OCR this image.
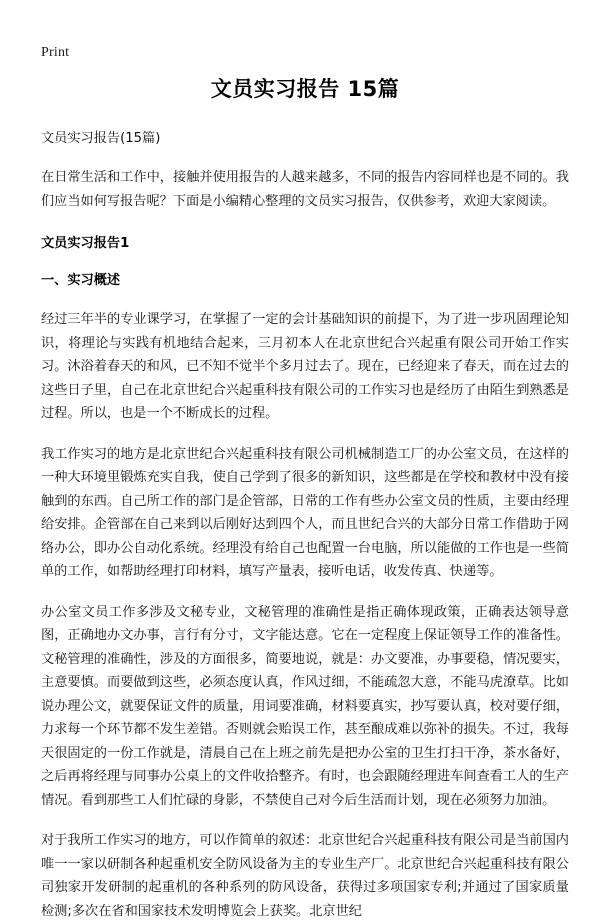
Print
文员实习报告 15篇
文员实习报告(15篇)

在日常生活和工作中，接触并使用报告的人越来越多，不同的报告内容同样也是不同的。我们应当如何写报告呢？下面是小编精心整理的文员实习报告，仅供参考，欢迎大家阅读。

文员实习报告1
一、实习概述

经过三年半的专业课学习，在掌握了一定的会计基础知识的前提下，为了进一步巩固理论知识，将理论与实践有机地结合起来，三月初本人在北京世纪合兴起重有限公司开始工作实习。沐浴着春天的和风，已不知不觉半个多月过去了。现在，已经迎来了春天，而在过去的这些日子里，自己在北京世纪合兴起重科技有限公司的工作实习也是经历了由陌生到熟悉是过程。所以，也是一个不断成长的过程。

我工作实习的地方是北京世纪合兴起重科技有限公司机械制造工厂的办公室文员，在这样的一种大环境里锻炼充实自我，使自己学到了很多的新知识，这些都是在学校和教材中没有接触到的东西。自己所工作的部门是企管部，日常的工作有些办公室文员的性质，主要由经理给安排。企管部在自己来到以后刚好达到四个人，而且世纪合兴的大部分日常工作借助于网络办公，即办公自动化系统。经理没有给自己也配置一台电脑，所以能做的工作也是一些简单的工作，如帮助经理打印材料，填写产量表，接听电话，收发传真、快递等。

办公室文员工作多涉及文秘专业，文秘管理的准确性是指正确体现政策，正确表达领导意图，正确地办文办事，言行有分寸，文字能达意。它在一定程度上保证领导工作的准备性。文秘管理的准确性，涉及的方面很多，简要地说，就是：办文要准，办事要稳，情况要实，主意要慎。而要做到这些，必须态度认真，作风过细，不能疏忽大意，不能马虎潦草。比如说办理公文，就要保证文件的质量，用词要准确，材料要真实，抄写要认真，校对要仔细，力求每一个环节都不发生差错。否则就会贻误工作，甚至酿成难以弥补的损失。不过，我每天很固定的一份工作就是，清晨自己在上班之前先是把办公室的卫生打扫干净，茶水备好，之后再将经理与同事办公桌上的文件收拾整齐。有时，也会跟随经理进车间查看工人的生产情况。看到那些工人们忙碌的身影，不禁使自己对今后生活而计划，现在必须努力加油。

对于我所工作实习的地方，可以作简单的叙述：北京世纪合兴起重科技有限公司是当前国内唯一一家以研制各种起重机安全防风设备为主的专业生产厂。北京世纪合兴起重科技有限公司独家开发研制的起重机的各种系列的防风设备，获得过多项国家专利;并通过了国家质量检测;多次在省和国家技术发明博览会上获奖。北京世纪
